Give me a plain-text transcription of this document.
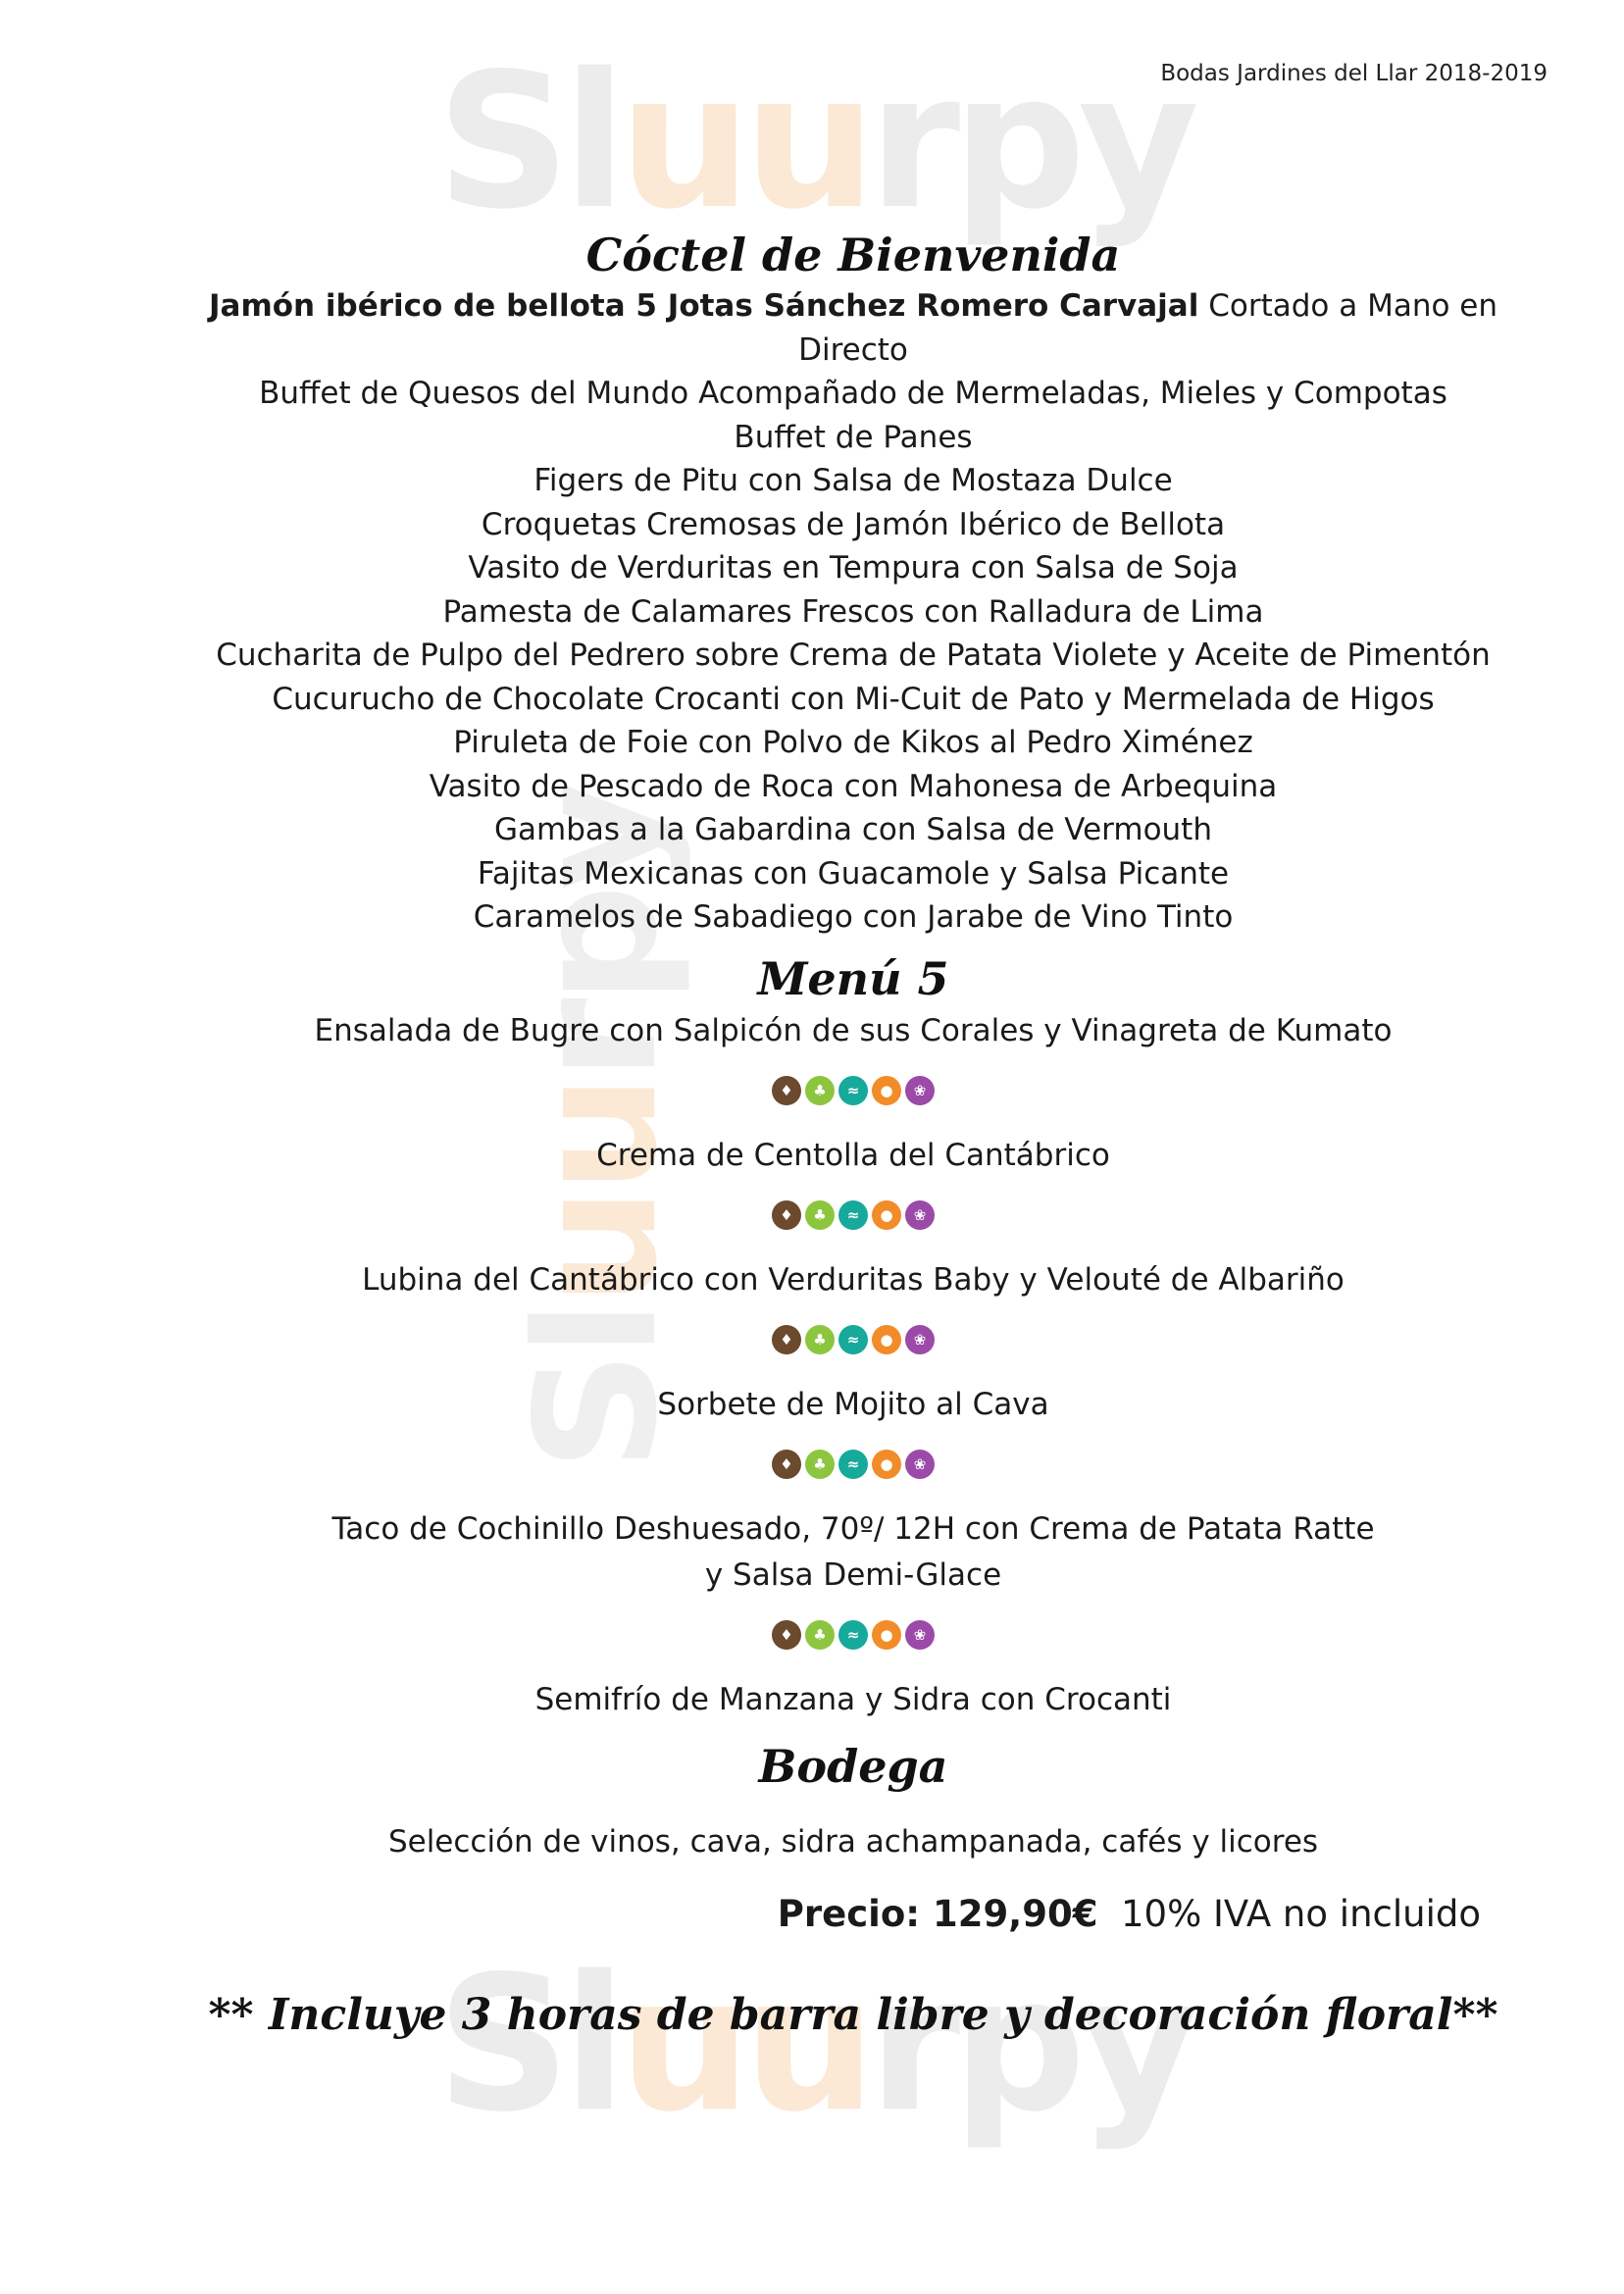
Sluurpy
Sluurpy
Sluurpy
Bodas Jardines del Llar 2018-2019
Cóctel de Bienvenida
Jamón ibérico de bellota 5 Jotas Sánchez Romero Carvajal Cortado a Mano en
Directo
Buffet de Quesos del Mundo Acompañado de Mermeladas, Mieles y Compotas
Buffet de Panes
Figers de Pitu con Salsa de Mostaza Dulce
Croquetas Cremosas de Jamón Ibérico de Bellota
Vasito de Verduritas en Tempura con Salsa de Soja
Pamesta de Calamares Frescos con Ralladura de Lima
Cucharita de Pulpo del Pedrero sobre Crema de Patata Violete y Aceite de Pimentón
Cucurucho de Chocolate Crocanti con Mi-Cuit de Pato y Mermelada de Higos
Piruleta de Foie con Polvo de Kikos al Pedro Ximénez
Vasito de Pescado de Roca con Mahonesa de Arbequina
Gambas a la Gabardina con Salsa de Vermouth
Fajitas Mexicanas con Guacamole y Salsa Picante
Caramelos de Sabadiego con Jarabe de Vino Tinto
Menú 5
Ensalada de Bugre con Salpicón de sus Corales y Vinagreta de Kumato
♦	♣	≈	●	❀
Crema de Centolla del Cantábrico
♦	♣	≈	●	❀
Lubina del Cantábrico con Verduritas Baby y Velouté de Albariño
♦	♣	≈	●	❀
Sorbete de Mojito al Cava
♦	♣	≈	●	❀
Taco de Cochinillo Deshuesado, 70º/ 12H con Crema de Patata Ratte
y Salsa Demi-Glace
♦	♣	≈	●	❀
Semifrío de Manzana y Sidra con Crocanti
Bodega
Selección de vinos, cava, sidra achampanada, cafés y licores
Precio: 129,90€  10% IVA no incluido
** Incluye 3 horas de barra libre y decoración floral**
